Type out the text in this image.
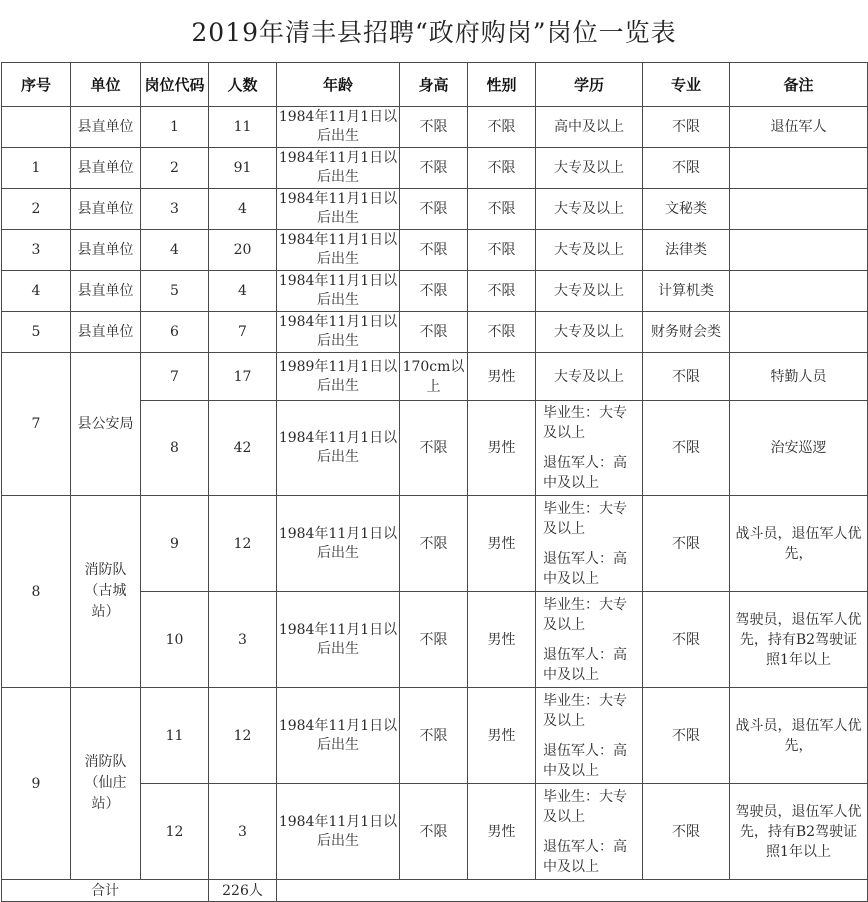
2019年清丰县招聘“政府购岗”岗位一览表
序号	单位	岗位代码	人数	年龄	身高	性别	学历	专业	备注
	县直单位	1	11	1984年11月1日以后出生	不限	不限	高中及以上	不限	退伍军人
1	县直单位	2	91	1984年11月1日以后出生	不限	不限	大专及以上	不限	
2	县直单位	3	4	1984年11月1日以后出生	不限	不限	大专及以上	文秘类	
3	县直单位	4	20	1984年11月1日以后出生	不限	不限	大专及以上	法律类	
4	县直单位	5	4	1984年11月1日以后出生	不限	不限	大专及以上	计算机类	
5	县直单位	6	7	1984年11月1日以后出生	不限	不限	大专及以上	财务财会类	
7	县公安局	7	17	1989年11月1日以后出生	170cm以上	男性	大专及以上	不限	特勤人员
		8	42	1984年11月1日以后出生	不限	男性	毕业生：大专及以上
退伍军人：高中及以上	不限	治安巡逻
8	消防队（古城站）	9	12	1984年11月1日以后出生	不限	男性	毕业生：大专及以上
退伍军人：高中及以上	不限	战斗员，退伍军人优先，

		10	3	1984年11月1日以后出生	不限	男性	毕业生：大专及以上
退伍军人：高中及以上	不限	驾驶员，退伍军人优先，持有B2驾驶证照1年以上

9	消防队（仙庄站）	11	12	1984年11月1日以后出生	不限	男性	毕业生：大专及以上
退伍军人：高中及以上	不限	战斗员，退伍军人优先，

		12	3	1984年11月1日以后出生	不限	男性	毕业生：大专及以上
退伍军人：高中及以上	不限	驾驶员，退伍军人优先，持有B2驾驶证照1年以上

合计			226人						
